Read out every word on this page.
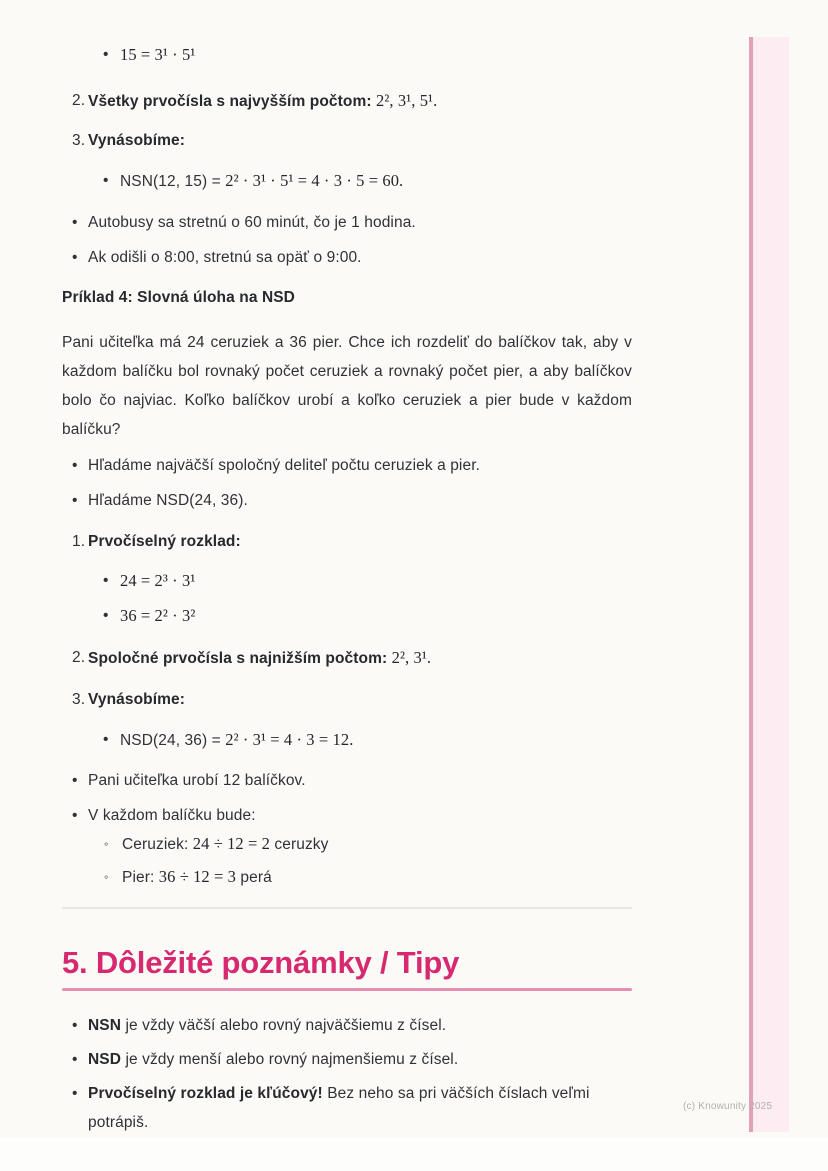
• 15 = 3¹ · 5¹
2. Všetky prvočísla s najvyšším počtom: 2², 3¹, 5¹.
3. Vynásobíme:
• NSN(12, 15) = 2² · 3¹ · 5¹ = 4 · 3 · 5 = 60.
• Autobusy sa stretnú o 60 minút, čo je 1 hodina.
• Ak odišli o 8:00, stretnú sa opäť o 9:00.
Príklad 4: Slovná úloha na NSD
Pani učiteľka má 24 ceruziek a 36 pier. Chce ich rozdeliť do balíčkov tak, aby v každom balíčku bol rovnaký počet ceruziek a rovnaký počet pier, a aby balíčkov bolo čo najviac. Koľko balíčkov urobí a koľko ceruziek a pier bude v každom balíčku?
• Hľadáme najväčší spoločný deliteľ počtu ceruziek a pier.
• Hľadáme NSD(24, 36).
1. Prvočíselný rozklad:
• 24 = 2³ · 3¹
• 36 = 2² · 3²
2. Spoločné prvočísla s najnižším počtom: 2², 3¹.
3. Vynásobíme:
• NSD(24, 36) = 2² · 3¹ = 4 · 3 = 12.
• Pani učiteľka urobí 12 balíčkov.
• V každom balíčku bude:
◦ Ceruziek: 24 ÷ 12 = 2 ceruzky
◦ Pier: 36 ÷ 12 = 3 perá
5. Dôležité poznámky / Tipy
• NSN je vždy väčší alebo rovný najväčšiemu z čísel.
• NSD je vždy menší alebo rovný najmenšiemu z čísel.
• Prvočíselný rozklad je kľúčový! Bez neho sa pri väčších číslach veľmi potrápiš.
(c) Knowunity 2025
